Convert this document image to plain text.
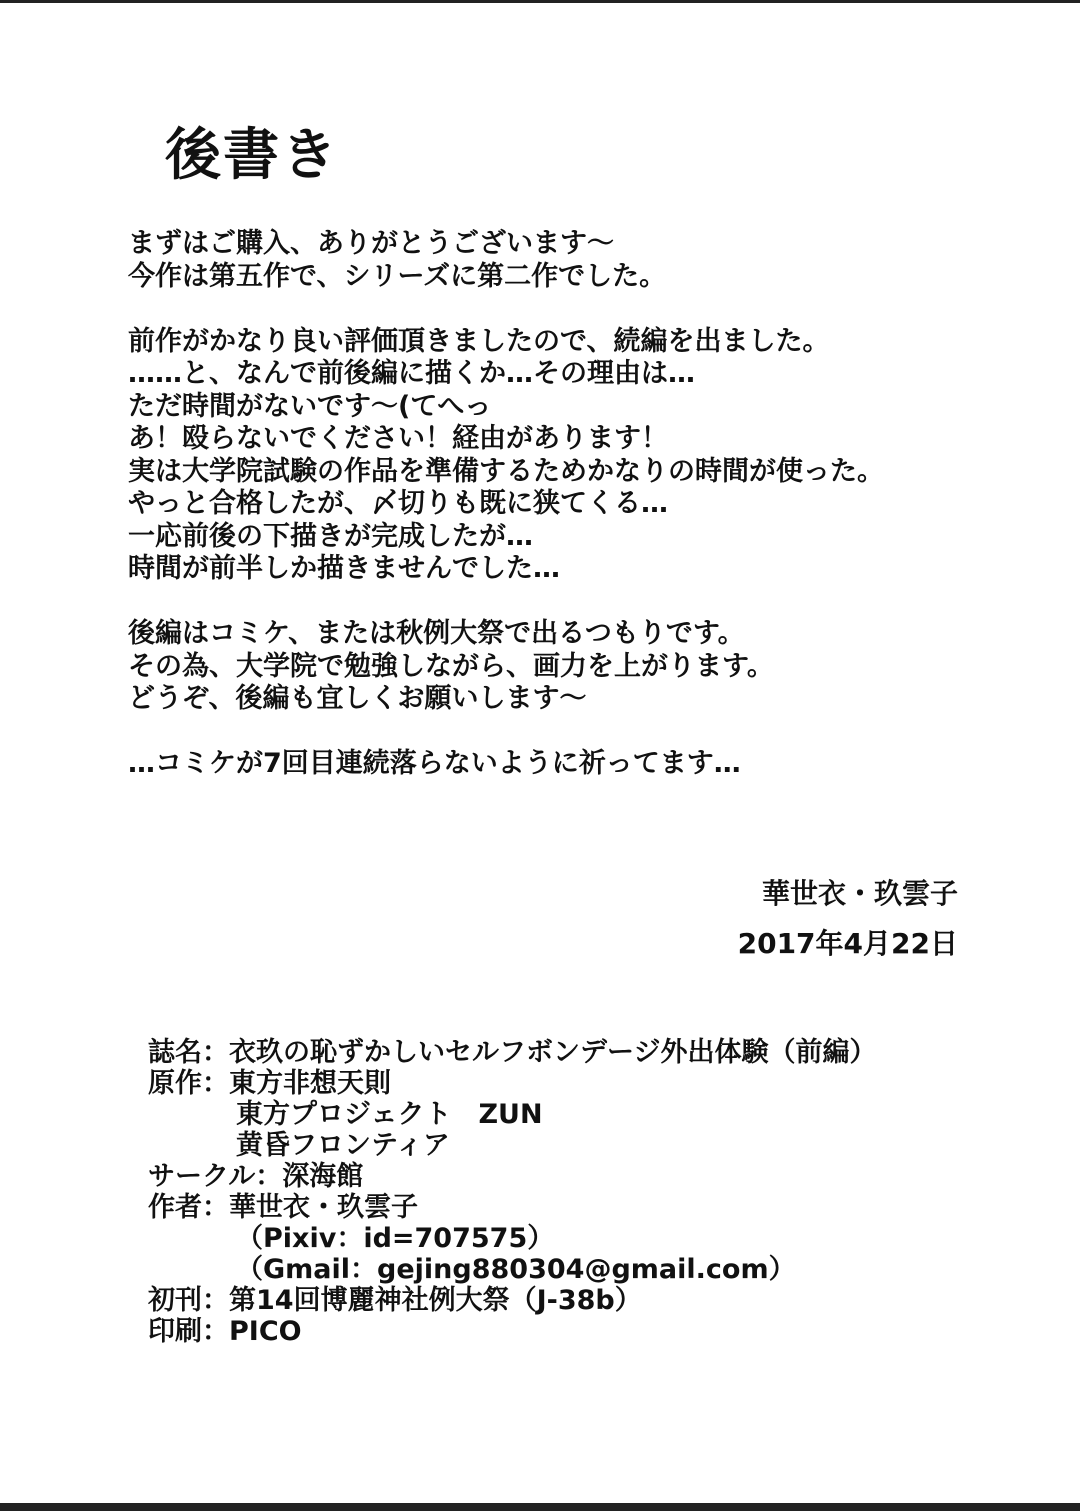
後書き
まずはご購入、ありがとうございます〜
今作は第五作で、シリーズに第二作でした。
前作がかなり良い評価頂きましたので、続編を出ました。
……と、なんで前後編に描くか…その理由は…
ただ時間がないです〜(てへっ
あ！殴らないでください！経由があります！
実は大学院試験の作品を準備するためかなりの時間が使った。
やっと合格したが、〆切りも既に狭てくる…
一応前後の下描きが完成したが…
時間が前半しか描きませんでした…
後編はコミケ、または秋例大祭で出るつもりです。
その為、大学院で勉強しながら、画力を上がります。
どうぞ、後編も宜しくお願いします〜
…コミケが7回目連続落らないように祈ってます…
華世衣・玖雲子
2017年4月22日
誌名： 衣玖の恥ずかしいセルフボンデージ外出体験（前編）
原作： 東方非想天則
東方プロジェクト　ZUN
黄昏フロンティア
サークル： 深海館
作者： 華世衣・玖雲子
（Pixiv：id=707575）
（Gmail：gejing880304@gmail.com）
初刊： 第14回博麗神社例大祭（J-38b）
印刷： PICO
